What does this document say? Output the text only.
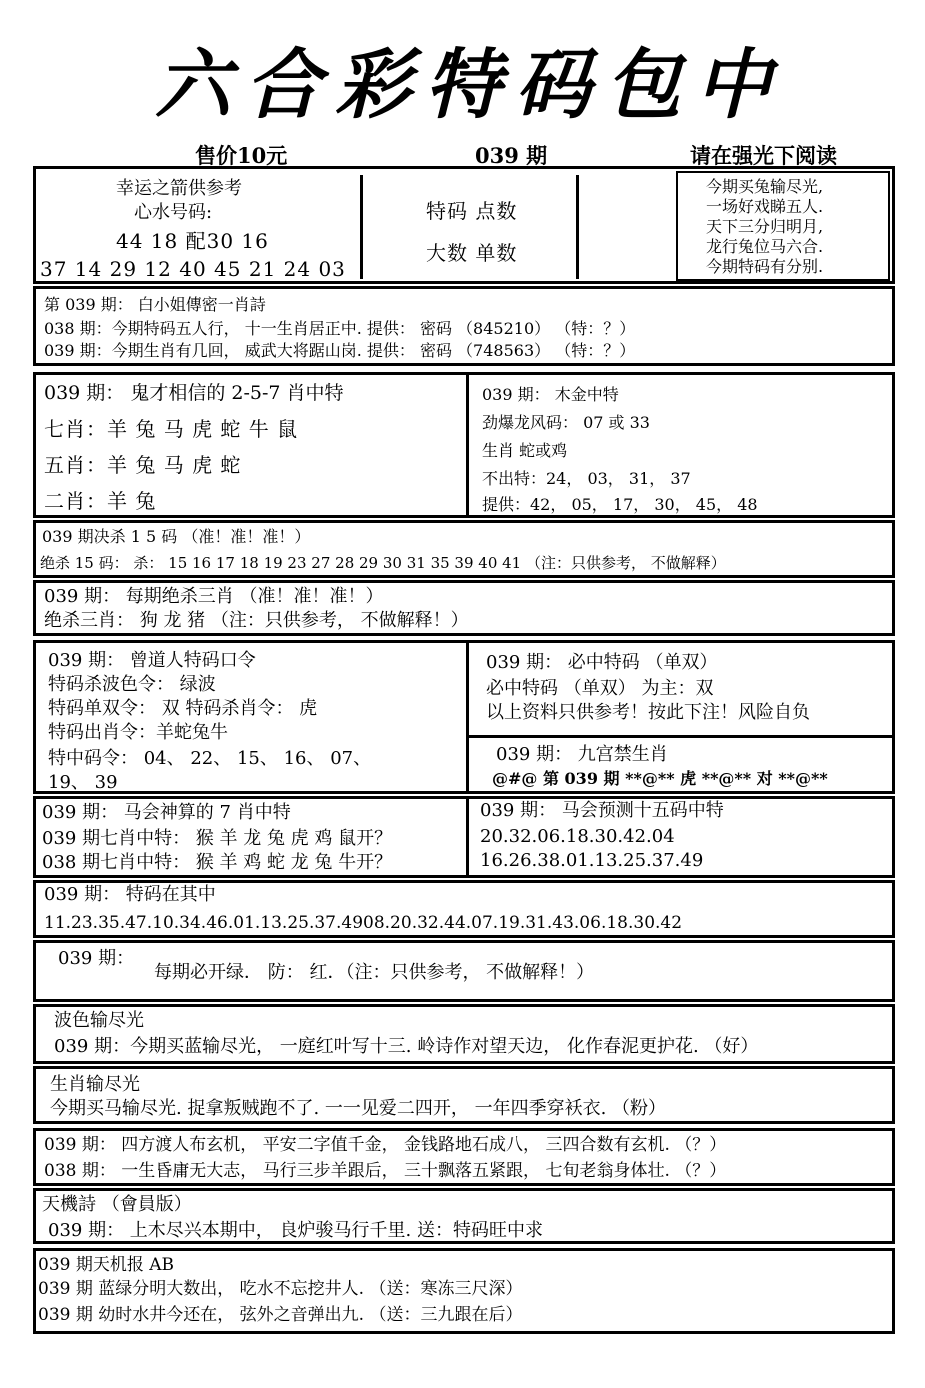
六合彩特码包中
售价10元	039 期	请在强光下阅读
幸运之箭供参考
心水号码:
44 18 配30 16
37 14 29 12 40 45 21 24 03
特码 点数
大数 单数
今期买兔输尽光,
一场好戏睇五人.
天下三分归明月,
龙行兔位马六合.
今期特码有分别.
第 039 期： 白小姐傳密一肖詩
038 期：今期特码五人行， 十一生肖居正中. 提供： 密码 （845210） （特：？）
039 期：今期生肖有几回， 威武大将踞山岗. 提供： 密码 （748563） （特：？）
039 期： 鬼才相信的 2-5-7 肖中特
七肖：羊 兔 马 虎 蛇 牛 鼠
五肖：羊 兔 马 虎 蛇
二肖：羊 兔
039 期： 木金中特
劲爆龙风码： 07 或 33
生肖 蛇或鸡
不出特：24， 03， 31， 37
提供：42， 05， 17， 30， 45， 48
039 期决杀 1 5 码 （准！准！准！）
绝杀 15 码： 杀： 15 16 17 18 19 23 27 28 29 30 31 35 39 40 41 （注：只供参考， 不做解释）
039 期： 每期绝杀三肖 （准！准！准！）
绝杀三肖： 狗 龙 猪 （注：只供参考， 不做解释！）
039 期： 曾道人特码口令
特码杀波色令： 绿波
特码单双令： 双 特码杀肖令： 虎
特码出肖令：羊蛇兔牛
特中码令： 04、 22、 15、 16、 07、
19、 39
039 期： 必中特码 （单双）
必中特码 （单双） 为主：双
以上资料只供参考！按此下注！风险自负
039 期： 九宫禁生肖
@#@ 第 039 期 **@** 虎 **@** 对 **@**
039 期： 马会神算的 7 肖中特
039 期七肖中特： 猴 羊 龙 兔 虎 鸡 鼠开？
038 期七肖中特： 猴 羊 鸡 蛇 龙 兔 牛开？
039 期： 马会预测十五码中特
20.32.06.18.30.42.04
16.26.38.01.13.25.37.49
039 期： 特码在其中
11.23.35.47.10.34.46.01.13.25.37.4908.20.32.44.07.19.31.43.06.18.30.42
039 期：
每期必开绿． 防： 红．（注：只供参考， 不做解释！）
波色输尽光
039 期：今期买蓝输尽光， 一庭红叶写十三. 岭诗作对望天边， 化作春泥更护花. （好）
生肖输尽光
今期买马输尽光. 捉拿叛贼跑不了. 一一见爱二四开， 一年四季穿袄衣. （粉）
039 期： 四方渡人布玄机， 平安二字值千金， 金钱路地石成八， 三四合数有玄机. （？）
038 期： 一生昏庸无大志， 马行三步羊跟后， 三十飘落五紧跟， 七旬老翁身体壮. （？）
天機詩 （會員版）
039 期： 上木尽兴本期中， 良炉骏马行千里. 送：特码旺中求
039 期天机报 AB
039 期 蓝绿分明大数出， 吃水不忘挖井人. （送：寒冻三尺深）
039 期 幼时水井今还在， 弦外之音弹出九. （送：三九跟在后）
